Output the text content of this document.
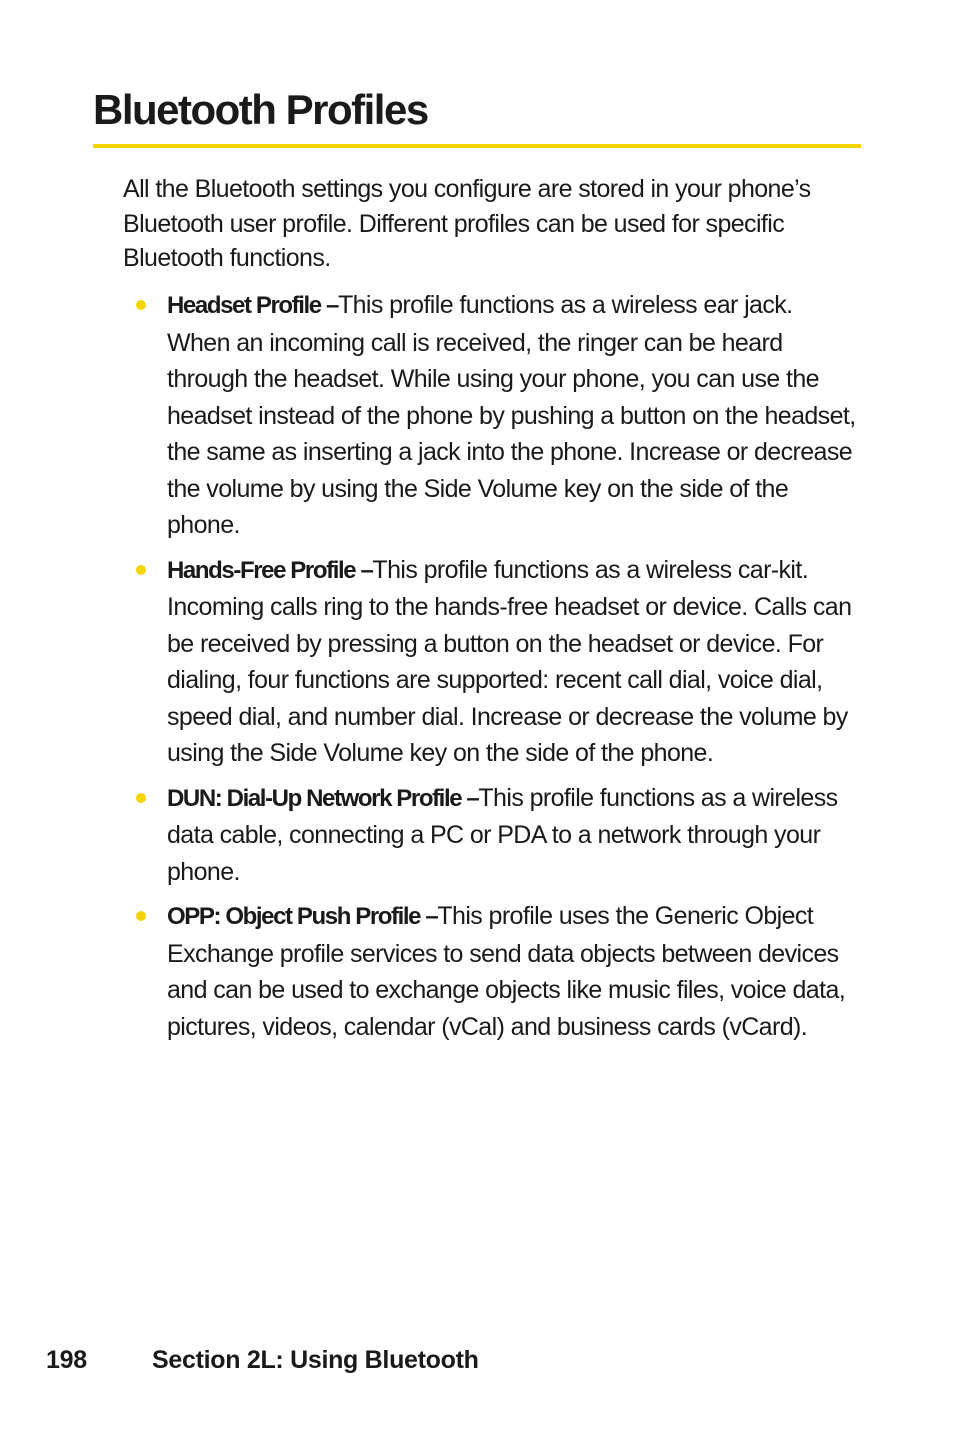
Bluetooth Profiles

All the Bluetooth settings you configure are stored in your phone’s Bluetooth user profile. Different profiles can be used for specific Bluetooth functions.

Headset Profile –This profile functions as a wireless ear jack. When an incoming call is received, the ringer can be heard through the headset. While using your phone, you can use the headset instead of the phone by pushing a button on the headset, the same as inserting a jack into the phone. Increase or decrease the volume by using the Side Volume key on the side of the phone.
Hands-Free Profile –This profile functions as a wireless car-kit. Incoming calls ring to the hands-free headset or device. Calls can be received by pressing a button on the headset or device. For dialing, four functions are supported: recent call dial, voice dial, speed dial, and number dial. Increase or decrease the volume by using the Side Volume key on the side of the phone.
DUN: Dial-Up Network Profile –This profile functions as a wireless data cable, connecting a PC or PDA to a network through your phone.
OPP: Object Push Profile –This profile uses the Generic Object Exchange profile services to send data objects between devices and can be used to exchange objects like music files, voice data, pictures, videos, calendar (vCal) and business cards (vCard).
198	Section 2L: Using Bluetooth
